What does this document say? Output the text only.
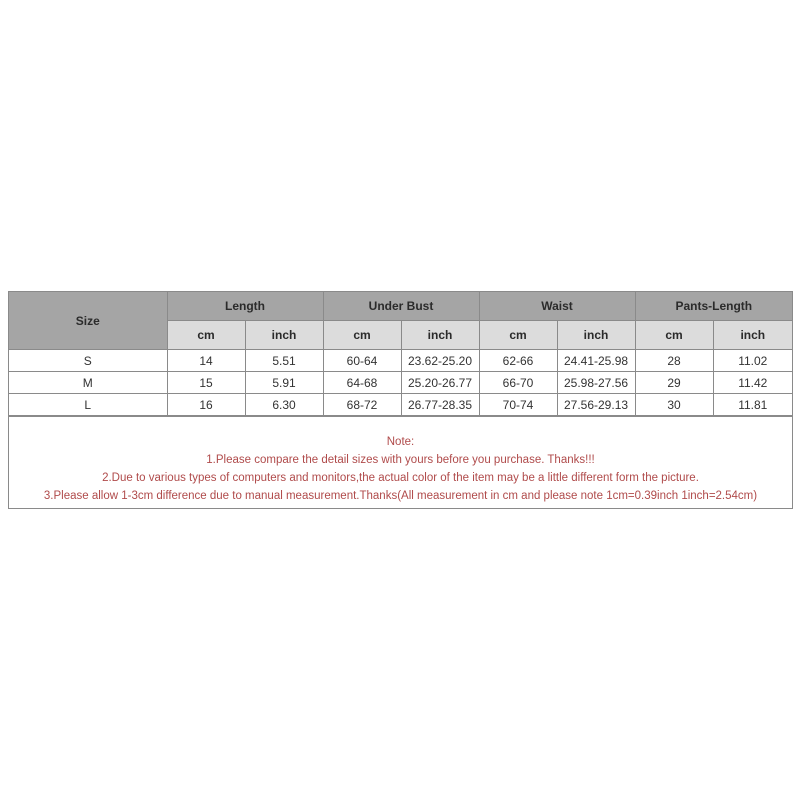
Size	Length		Under Bust		Waist		Pants-Length	
	cm	inch	cm	inch	cm	inch	cm	inch
S	14	5.51	60-64	23.62-25.20	62-66	24.41-25.98	28	11.02
M	15	5.91	64-68	25.20-26.77	66-70	25.98-27.56	29	11.42
L	16	6.30	68-72	26.77-28.35	70-74	27.56-29.13	30	11.81
Note:
1.Please compare the detail sizes with yours before you purchase. Thanks!!!
2.Due to various types of computers and monitors,the actual color of the item may be a little different form the picture.
3.Please allow 1-3cm difference due to manual measurement.Thanks(All measurement in cm and please note 1cm=0.39inch 1inch=2.54cm)
